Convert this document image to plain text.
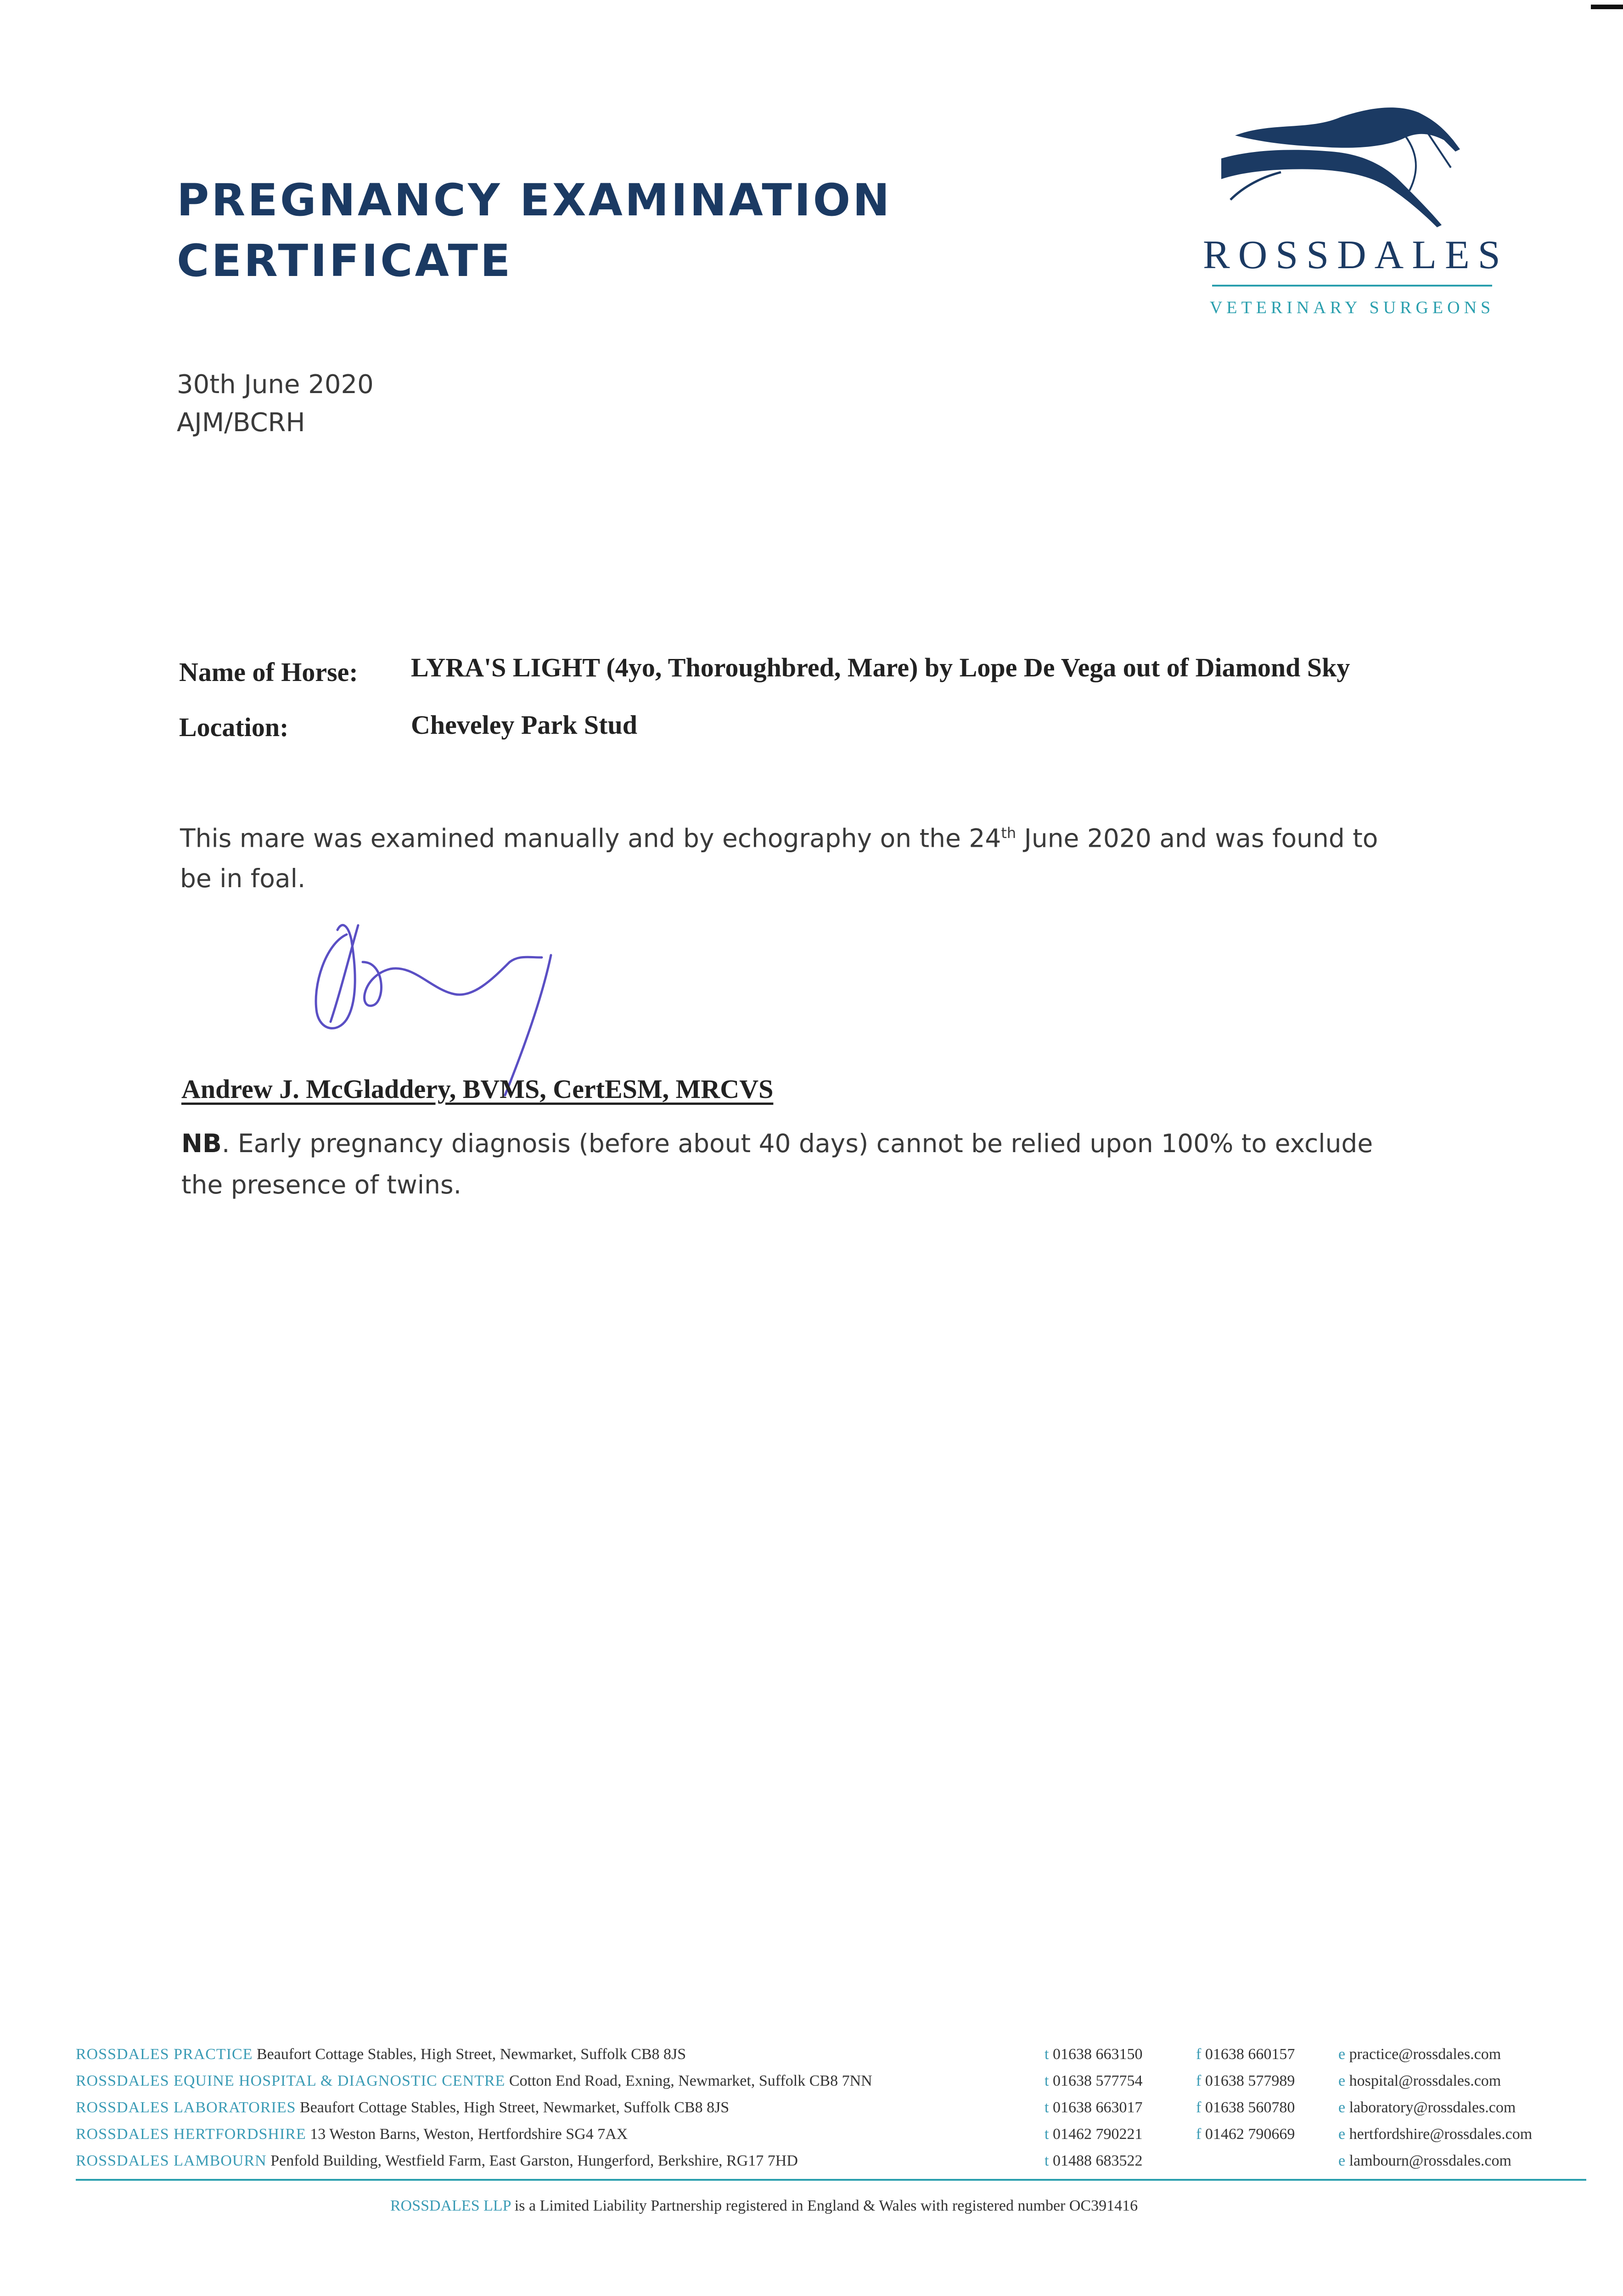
PREGNANCY EXAMINATION
CERTIFICATE	ROSSDALES
VETERINARY SURGEONS
30th June 2020
AJM/BCRH
Name of Horse: LYRA'S LIGHT (4yo, Thoroughbred, Mare) by Lope De Vega out of Diamond Sky
Location:	Cheveley Park Stud
This mare was examined manually and by echography on the 24th June 2020 and was found to be in foal.
Andrew J. McGladdery, BVMS, CertESM, MRCVS
NB. Early pregnancy diagnosis (before about 40 days) cannot be relied upon 100% to exclude the presence of twins.
ROSSDALES PRACTICE Beaufort Cottage Stables, High Street, Newmarket, Suffolk CB8 8JS	t 01638 663150	f 01638 660157	e practice@rossdales.com
ROSSDALES EQUINE HOSPITAL & DIAGNOSTIC CENTRE Cotton End Road, Exning, Newmarket, Suffolk CB8 7NN	t 01638 577754	f 01638 577989	e hospital@rossdales.com
ROSSDALES LABORATORIES Beaufort Cottage Stables, High Street, Newmarket, Suffolk CB8 8JS	t 01638 663017	f 01638 560780	e laboratory@rossdales.com
ROSSDALES HERTFORDSHIRE 13 Weston Barns, Weston, Hertfordshire SG4 7AX	t 01462 790221	f 01462 790669	e hertfordshire@rossdales.com
ROSSDALES LAMBOURN Penfold Building, Westfield Farm, East Garston, Hungerford, Berkshire, RG17 7HD	t 01488 683522	e lambourn@rossdales.com
ROSSDALES LLP is a Limited Liability Partnership registered in England & Wales with registered number OC391416
